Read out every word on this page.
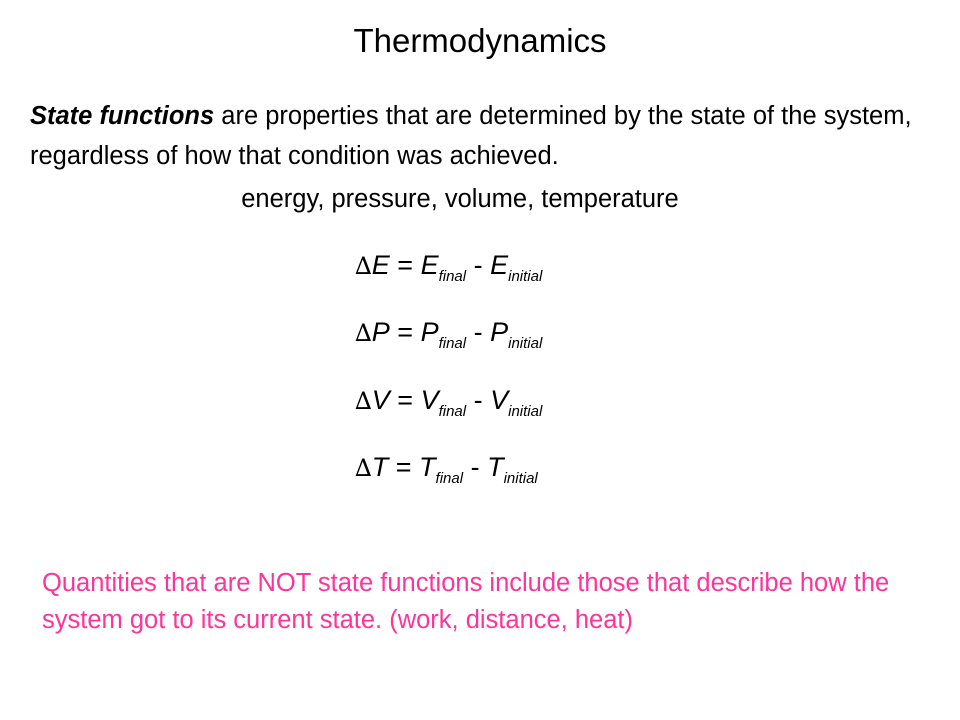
Thermodynamics
State functions are properties that are determined by the state of the system, regardless of how that condition was achieved.
energy, pressure, volume, temperature
$\Delta E = E_{final} - E_{initial}$
$\Delta P = P_{final} - P_{initial}$
$\Delta V = V_{final} - V_{initial}$
$\Delta T = T_{final} - T_{initial}$
Quantities that are NOT state functions include those that describe how the system got to its current state. (work, distance, heat)
